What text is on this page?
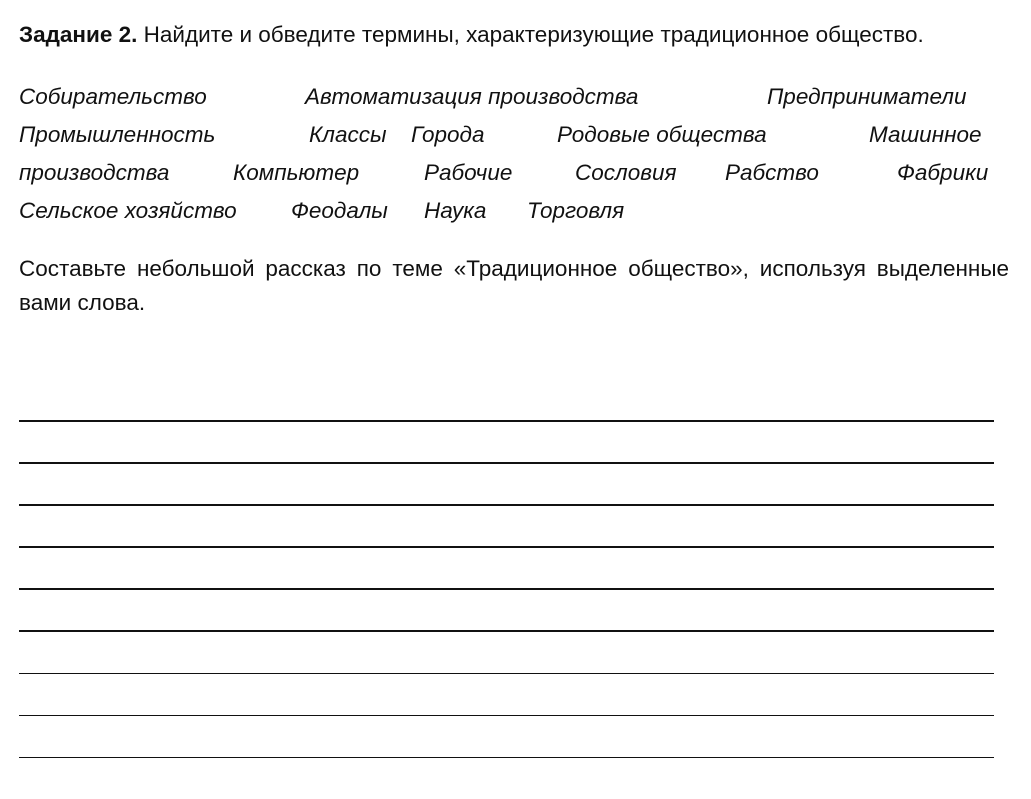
Задание 2. Найдите и обведите термины, характеризующие традиционное общество.

Собирательство	Автоматизация производства	Предприниматели
Промышленность	Классы Города	Родовые общества	Машинное
производства	Компьютер	Рабочие	Сословия Рабство	Фабрики
Сельское хозяйство Феодалы Наука Торговля

Составьте небольшой рассказ по теме «Традиционное общество», используя выделенные вами слова.
